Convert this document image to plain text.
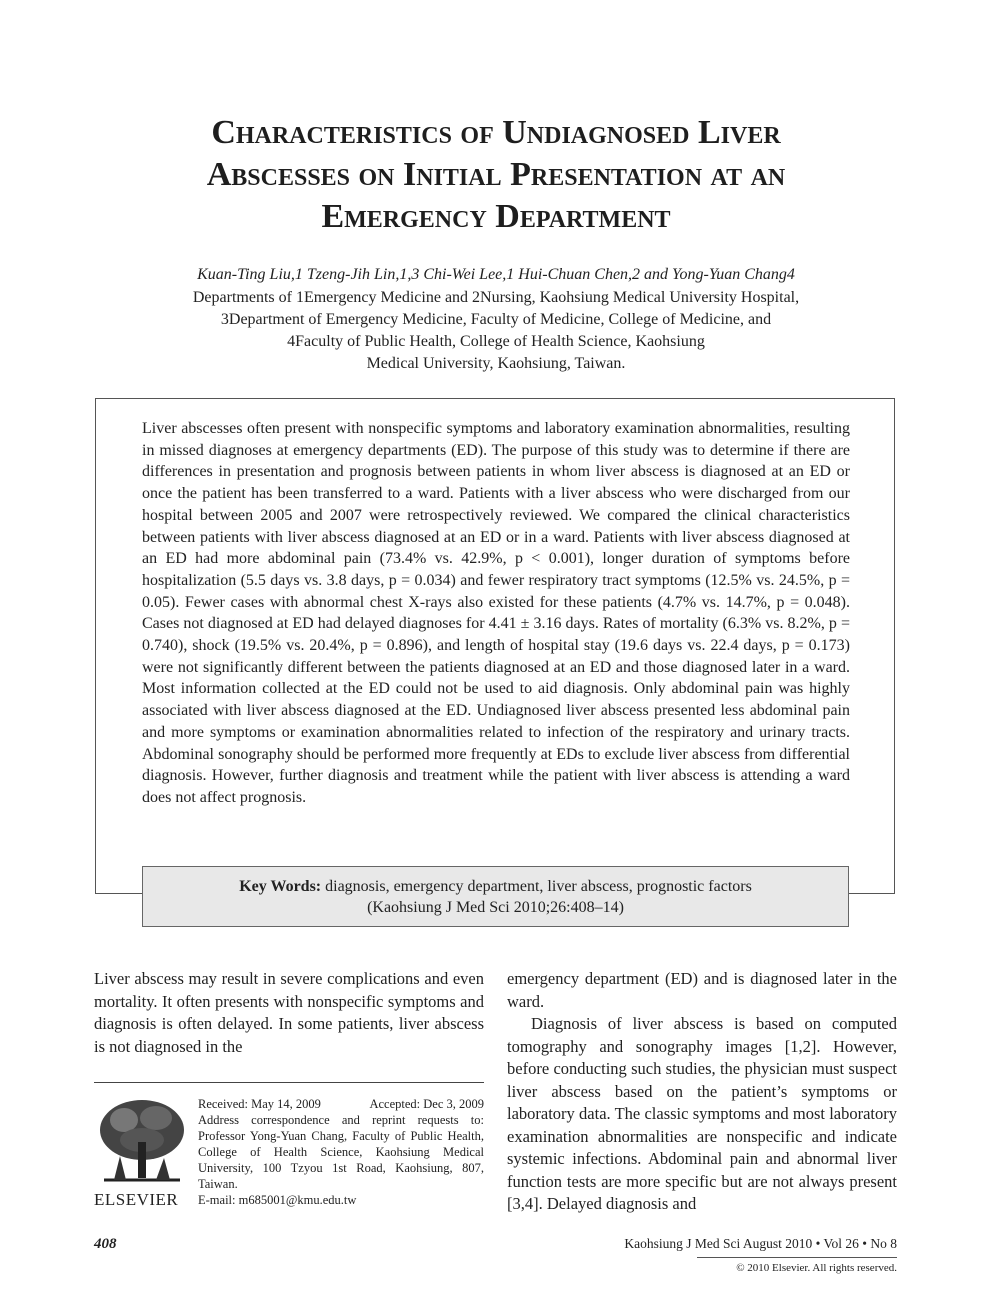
Characteristics of Undiagnosed Liver
Abscesses on Initial Presentation at an
Emergency Department

Kuan-Ting Liu,1 Tzeng-Jih Lin,1,3 Chi-Wei Lee,1 Hui-Chuan Chen,2 and Yong-Yuan Chang4

Departments of 1Emergency Medicine and 2Nursing, Kaohsiung Medical University Hospital,
3Department of Emergency Medicine, Faculty of Medicine, College of Medicine, and
4Faculty of Public Health, College of Health Science, Kaohsiung
Medical University, Kaohsiung, Taiwan.

Liver abscesses often present with nonspecific symptoms and laboratory examination abnormalities, resulting in missed diagnoses at emergency departments (ED). The purpose of this study was to determine if there are differences in presentation and prognosis between patients in whom liver abscess is diagnosed at an ED or once the patient has been transferred to a ward. Patients with a liver abscess who were discharged from our hospital between 2005 and 2007 were retrospectively reviewed. We compared the clinical characteristics between patients with liver abscess diagnosed at an ED or in a ward. Patients with liver abscess diagnosed at an ED had more abdominal pain (73.4% vs. 42.9%, p < 0.001), longer duration of symptoms before hospitalization (5.5 days vs. 3.8 days, p = 0.034) and fewer respiratory tract symptoms (12.5% vs. 24.5%, p = 0.05). Fewer cases with abnormal chest X-rays also existed for these patients (4.7% vs. 14.7%, p = 0.048). Cases not diagnosed at ED had delayed diagnoses for 4.41 ± 3.16 days. Rates of mortality (6.3% vs. 8.2%, p = 0.740), shock (19.5% vs. 20.4%, p = 0.896), and length of hospital stay (19.6 days vs. 22.4 days, p = 0.173) were not significantly different between the patients diagnosed at an ED and those diagnosed later in a ward. Most information collected at the ED could not be used to aid diagnosis. Only abdominal pain was highly associated with liver abscess diagnosed at the ED. Undiagnosed liver abscess presented less abdominal pain and more symptoms or examination abnormalities related to infection of the respiratory and urinary tracts. Abdominal sonography should be performed more frequently at EDs to exclude liver abscess from differential diagnosis. However, further diagnosis and treatment while the patient with liver abscess is attending a ward does not affect prognosis.

Key Words: diagnosis, emergency department, liver abscess, prognostic factors
(Kaohsiung J Med Sci 2010;26:408–14)

Liver abscess may result in severe complications and even mortality. It often presents with nonspecific symptoms and diagnosis is often delayed. In some patients, liver abscess is not diagnosed in the

emergency department (ED) and is diagnosed later in the ward.

Diagnosis of liver abscess is based on computed tomography and sonography images [1,2]. However, before conducting such studies, the physician must suspect liver abscess based on the patient’s symptoms or laboratory data. The classic symptoms and most laboratory examination abnormalities are nonspecific and indicate systemic infections. Abdominal pain and abnormal liver function tests are more specific but are not always present [3,4]. Delayed diagnosis and

ELSEVIER
Received: May 14, 2009	Accepted: Dec 3, 2009
Address correspondence and reprint requests to: Professor Yong-Yuan Chang, Faculty of Public Health, College of Health Science, Kaohsiung Medical University, 100 Tzyou 1st Road, Kaohsiung, 807, Taiwan.
E-mail: m685001@kmu.edu.tw
408	Kaohsiung J Med Sci August 2010 • Vol 26 • No 8
© 2010 Elsevier. All rights reserved.
